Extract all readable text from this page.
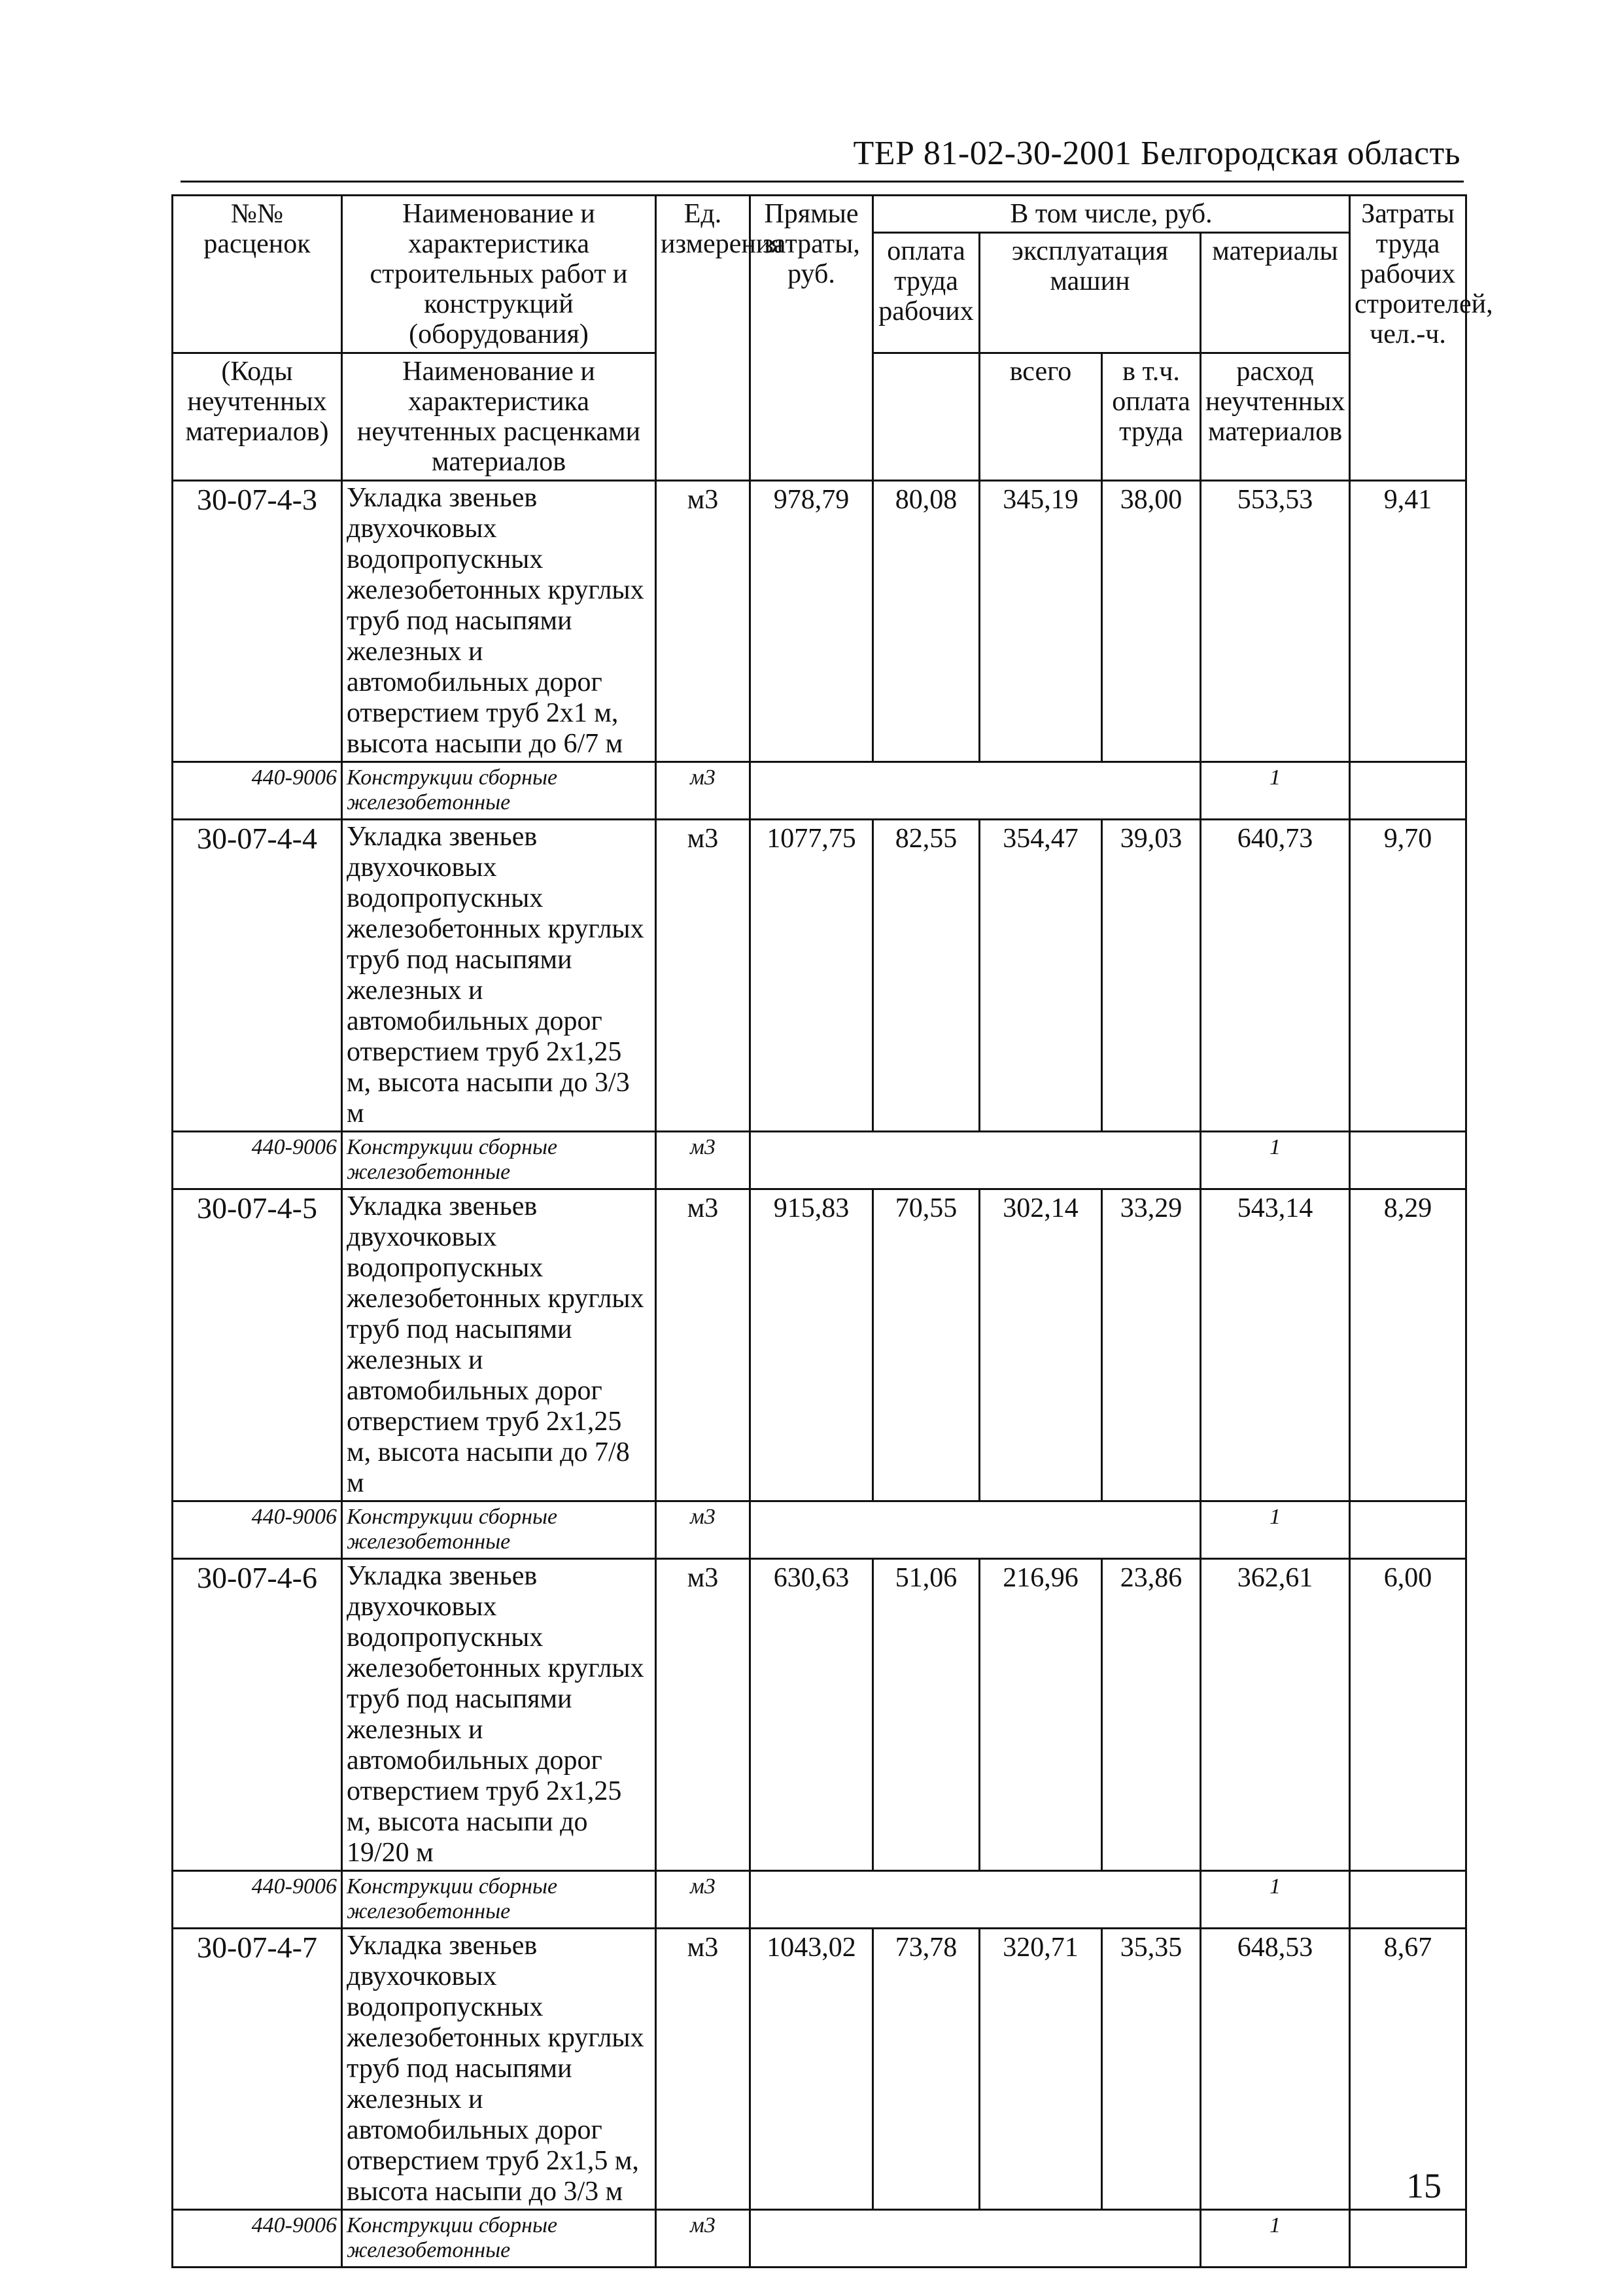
ТЕР 81-02-30-2001 Белгородская область
№№ расценок	Наименование и характеристика строительных работ и конструкций (оборудования)	Ед. измерения	Прямые затраты, руб.	В том числе, руб.				Затраты труда рабочих строителей, чел.-ч.
				оплата труда рабочих	эксплуатация машин		материалы	

(Коды неучтенных материалов)	Наименование и характеристика неучтенных расценками материалов				всего	в т.ч. оплата труда	расход неучтенных материалов	

30-07-4-3	Укладка звеньев двухочковых водопропускных железобетонных круглых труб под насыпями железных и автомобильных дорог отверстием труб 2х1 м, высота насыпи до 6/7 м	м3	978,79	80,08	345,19	38,00	553,53	9,41
440-9006	Конструкции сборные железобетонные	м3					1	
30-07-4-4	Укладка звеньев двухочковых водопропускных железобетонных круглых труб под насыпями железных и автомобильных дорог отверстием труб 2х1,25 м, высота насыпи до 3/3 м	м3	1077,75	82,55	354,47	39,03	640,73	9,70
440-9006	Конструкции сборные железобетонные	м3					1	
30-07-4-5	Укладка звеньев двухочковых водопропускных железобетонных круглых труб под насыпями железных и автомобильных дорог отверстием труб 2х1,25 м, высота насыпи до 7/8 м	м3	915,83	70,55	302,14	33,29	543,14	8,29
440-9006	Конструкции сборные железобетонные	м3					1	
30-07-4-6	Укладка звеньев двухочковых водопропускных железобетонных круглых труб под насыпями железных и автомобильных дорог отверстием труб 2х1,25 м, высота насыпи до 19/20 м	м3	630,63	51,06	216,96	23,86	362,61	6,00
440-9006	Конструкции сборные железобетонные	м3					1	
30-07-4-7	Укладка звеньев двухочковых водопропускных железобетонных круглых труб под насыпями железных и автомобильных дорог отверстием труб 2х1,5 м, высота насыпи до 3/3 м	м3	1043,02	73,78	320,71	35,35	648,53	8,67
440-9006	Конструкции сборные железобетонные	м3					1	
15
